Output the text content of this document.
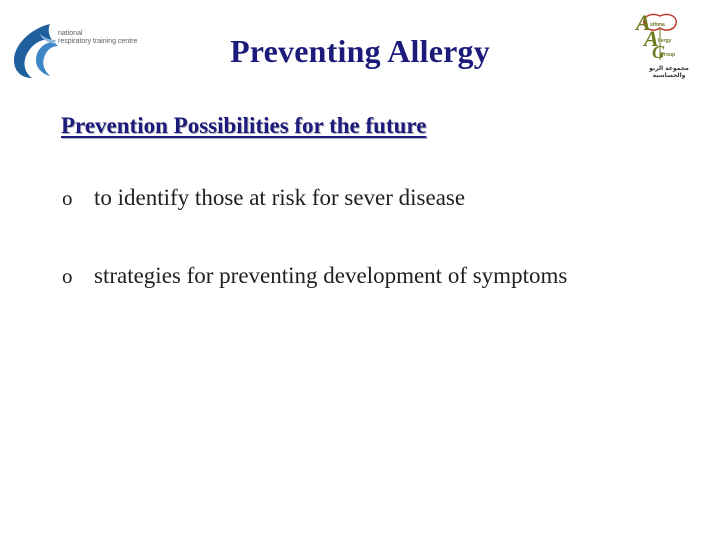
national
respiratory training centre
A sthma
A llergy
G roup
مجموعة الربو والحساسية
Preventing Allergy
Prevention Possibilities for the future
o to identify those at risk for sever disease
o strategies for preventing development of symptoms
